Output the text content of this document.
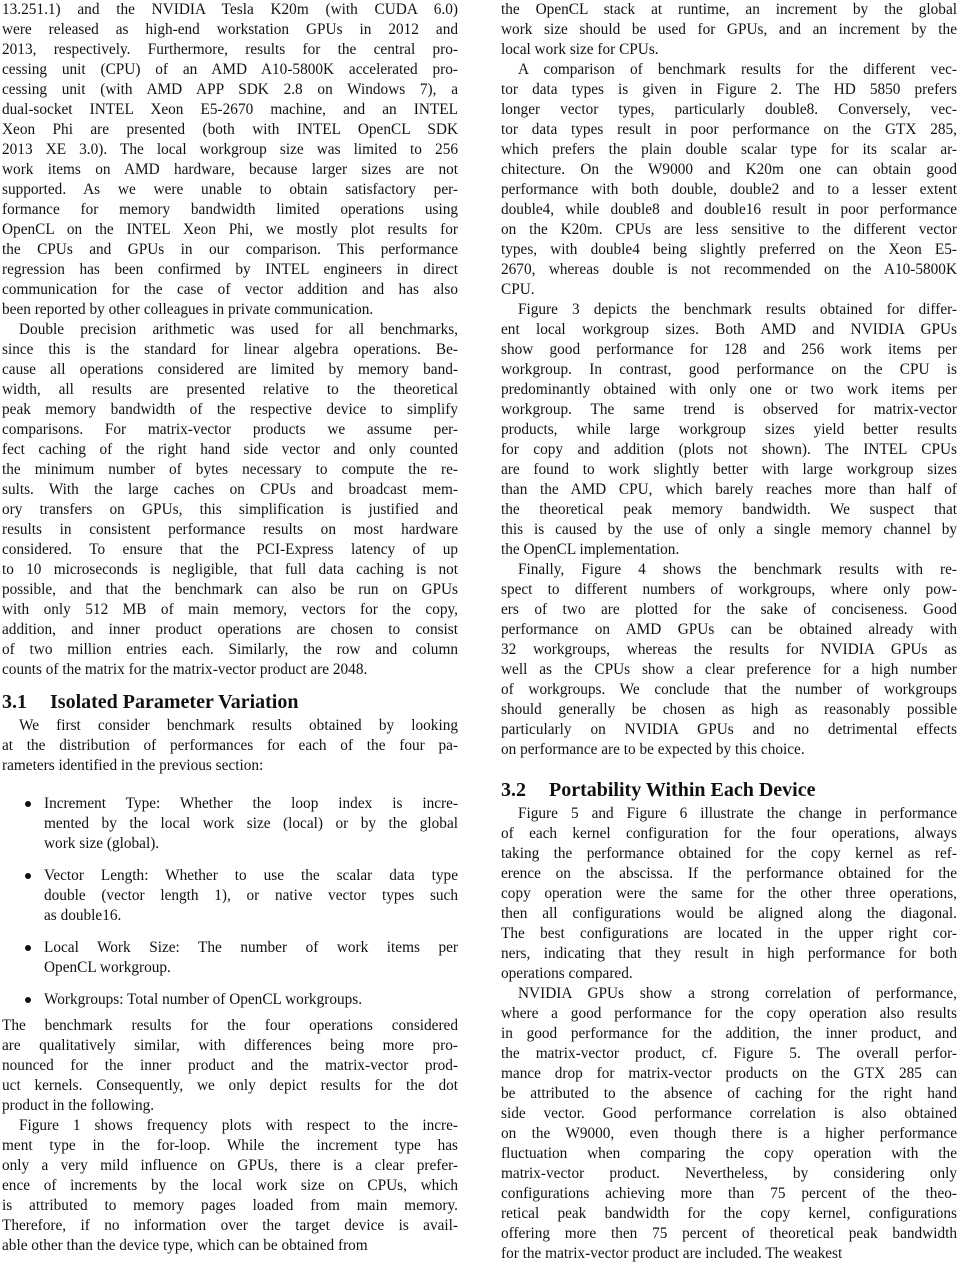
13.251.1) and the NVIDIA Tesla K20m (with CUDA 6.0)
were released as high-end workstation GPUs in 2012 and
2013, respectively. Furthermore, results for the central pro-
cessing unit (CPU) of an AMD A10-5800K accelerated pro-
cessing unit (with AMD APP SDK 2.8 on Windows 7), a
dual-socket INTEL Xeon E5-2670 machine, and an INTEL
Xeon Phi are presented (both with INTEL OpenCL SDK
2013 XE 3.0). The local workgroup size was limited to 256
work items on AMD hardware, because larger sizes are not
supported. As we were unable to obtain satisfactory per-
formance for memory bandwidth limited operations using
OpenCL on the INTEL Xeon Phi, we mostly plot results for
the CPUs and GPUs in our comparison. This performance
regression has been confirmed by INTEL engineers in direct
communication for the case of vector addition and has also
been reported by other colleagues in private communication.
Double precision arithmetic was used for all benchmarks,
since this is the standard for linear algebra operations. Be-
cause all operations considered are limited by memory band-
width, all results are presented relative to the theoretical
peak memory bandwidth of the respective device to simplify
comparisons. For matrix-vector products we assume per-
fect caching of the right hand side vector and only counted
the minimum number of bytes necessary to compute the re-
sults. With the large caches on CPUs and broadcast mem-
ory transfers on GPUs, this simplification is justified and
results in consistent performance results on most hardware
considered. To ensure that the PCI-Express latency of up
to 10 microseconds is negligible, that full data caching is not
possible, and that the benchmark can also be run on GPUs
with only 512 MB of main memory, vectors for the copy,
addition, and inner product operations are chosen to consist
of two million entries each. Similarly, the row and column
counts of the matrix for the matrix-vector product are 2048.
3.1 Isolated Parameter Variation
We first consider benchmark results obtained by looking
at the distribution of performances for each of the four pa-
rameters identified in the previous section:
Increment Type: Whether the loop index is incre-
mented by the local work size (local) or by the global
work size (global).
Vector Length: Whether to use the scalar data type
double (vector length 1), or native vector types such
as double16.
Local Work Size: The number of work items per
OpenCL workgroup.
Workgroups: Total number of OpenCL workgroups.
The benchmark results for the four operations considered
are qualitatively similar, with differences being more pro-
nounced for the inner product and the matrix-vector prod-
uct kernels. Consequently, we only depict results for the dot
product in the following.
Figure 1 shows frequency plots with respect to the incre-
ment type in the for-loop. While the increment type has
only a very mild influence on GPUs, there is a clear prefer-
ence of increments by the local work size on CPUs, which
is attributed to memory pages loaded from main memory.
Therefore, if no information over the target device is avail-
able other than the device type, which can be obtained from
the OpenCL stack at runtime, an increment by the global
work size should be used for GPUs, and an increment by the
local work size for CPUs.
A comparison of benchmark results for the different vec-
tor data types is given in Figure 2. The HD 5850 prefers
longer vector types, particularly double8. Conversely, vec-
tor data types result in poor performance on the GTX 285,
which prefers the plain double scalar type for its scalar ar-
chitecture. On the W9000 and K20m one can obtain good
performance with both double, double2 and to a lesser extent
double4, while double8 and double16 result in poor performance
on the K20m. CPUs are less sensitive to the different vector
types, with double4 being slightly preferred on the Xeon E5-
2670, whereas double is not recommended on the A10-5800K
CPU.
Figure 3 depicts the benchmark results obtained for differ-
ent local workgroup sizes. Both AMD and NVIDIA GPUs
show good performance for 128 and 256 work items per
workgroup. In contrast, good performance on the CPU is
predominantly obtained with only one or two work items per
workgroup. The same trend is observed for matrix-vector
products, while large workgroup sizes yield better results
for copy and addition (plots not shown). The INTEL CPUs
are found to work slightly better with large workgroup sizes
than the AMD CPU, which barely reaches more than half of
the theoretical peak memory bandwidth. We suspect that
this is caused by the use of only a single memory channel by
the OpenCL implementation.
Finally, Figure 4 shows the benchmark results with re-
spect to different numbers of workgroups, where only pow-
ers of two are plotted for the sake of conciseness. Good
performance on AMD GPUs can be obtained already with
32 workgroups, whereas the results for NVIDIA GPUs as
well as the CPUs show a clear preference for a high number
of workgroups. We conclude that the number of workgroups
should generally be chosen as high as reasonably possible
particularly on NVIDIA GPUs and no detrimental effects
on performance are to be expected by this choice.
3.2 Portability Within Each Device
Figure 5 and Figure 6 illustrate the change in performance
of each kernel configuration for the four operations, always
taking the performance obtained for the copy kernel as ref-
erence on the abscissa. If the performance obtained for the
copy operation were the same for the other three operations,
then all configurations would be aligned along the diagonal.
The best configurations are located in the upper right cor-
ners, indicating that they result in high performance for both
operations compared.
NVIDIA GPUs show a strong correlation of performance,
where a good performance for the copy operation also results
in good performance for the addition, the inner product, and
the matrix-vector product, cf. Figure 5. The overall perfor-
mance drop for matrix-vector products on the GTX 285 can
be attributed to the absence of caching for the right hand
side vector. Good performance correlation is also obtained
on the W9000, even though there is a higher performance
fluctuation when comparing the copy operation with the
matrix-vector product. Nevertheless, by considering only
configurations achieving more than 75 percent of the theo-
retical peak bandwidth for the copy kernel, configurations
offering more then 75 percent of theoretical peak bandwidth
for the matrix-vector product are included. The weakest
